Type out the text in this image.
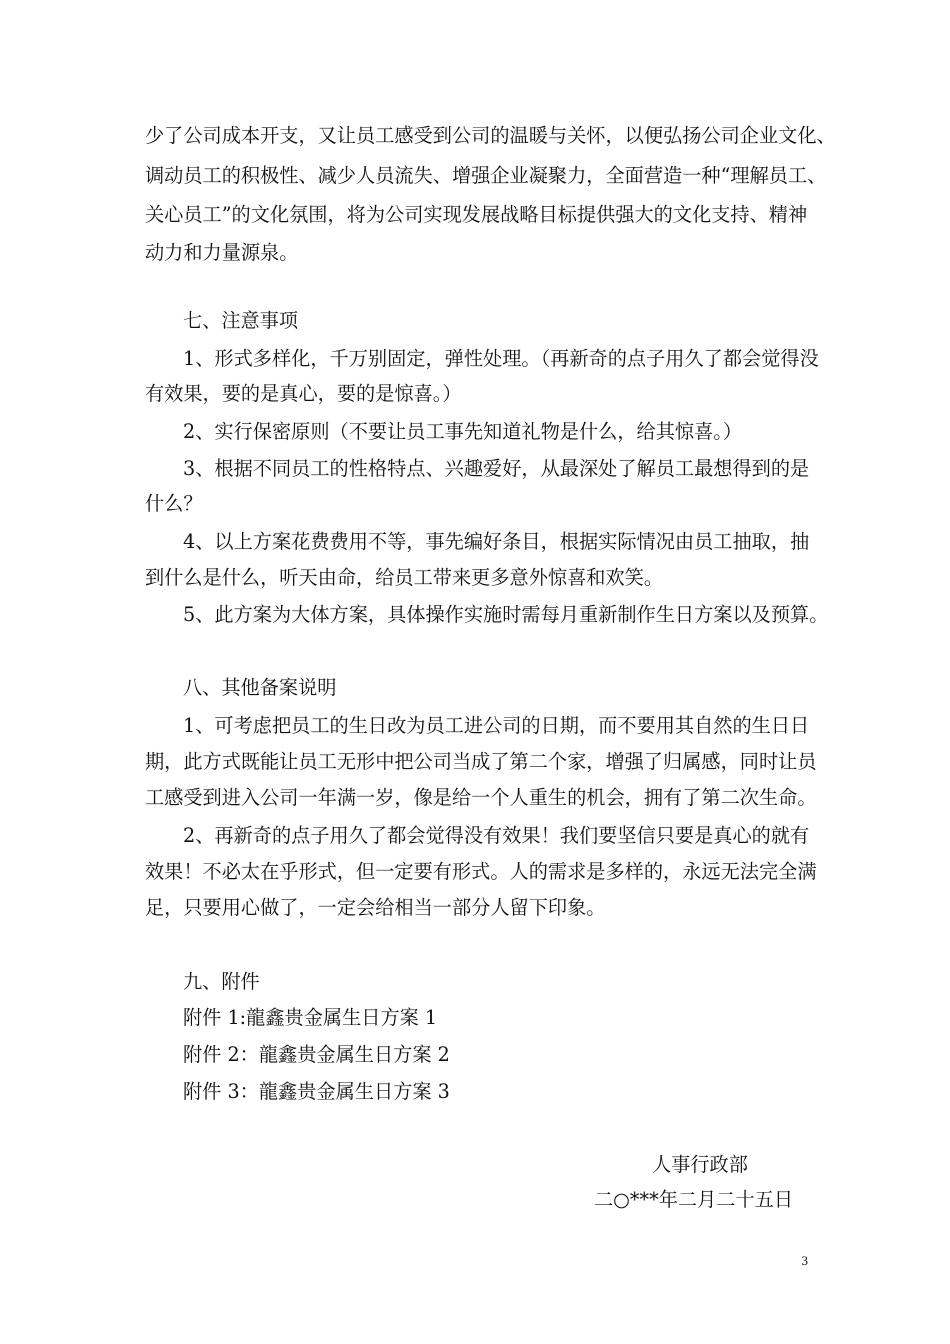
少了公司成本开支，又让员工感受到公司的温暖与关怀，以便弘扬公司企业文化、
调动员工的积极性、减少人员流失、增强企业凝聚力，全面营造一种“理解员工、
关心员工”的文化氛围，将为公司实现发展战略目标提供强大的文化支持、精神
动力和力量源泉。
七、注意事项
1、形式多样化，千万别固定，弹性处理。（再新奇的点子用久了都会觉得没
有效果，要的是真心，要的是惊喜。）
2、实行保密原则（不要让员工事先知道礼物是什么，给其惊喜。）
3、根据不同员工的性格特点、兴趣爱好，从最深处了解员工最想得到的是
什么？
4、以上方案花费费用不等，事先编好条目，根据实际情况由员工抽取，抽
到什么是什么，听天由命，给员工带来更多意外惊喜和欢笑。
5、此方案为大体方案，具体操作实施时需每月重新制作生日方案以及预算。
八、其他备案说明
1、可考虑把员工的生日改为员工进公司的日期，而不要用其自然的生日日
期，此方式既能让员工无形中把公司当成了第二个家，增强了归属感，同时让员
工感受到进入公司一年满一岁，像是给一个人重生的机会，拥有了第二次生命。
2、再新奇的点子用久了都会觉得没有效果！我们要坚信只要是真心的就有
效果！不必太在乎形式，但一定要有形式。人的需求是多样的，永远无法完全满
足，只要用心做了，一定会给相当一部分人留下印象。
九、附件
附件 1:龍鑫贵金属生日方案 1
附件 2：龍鑫贵金属生日方案 2
附件 3：龍鑫贵金属生日方案 3
人事行政部
二○***年二月二十五日
3
